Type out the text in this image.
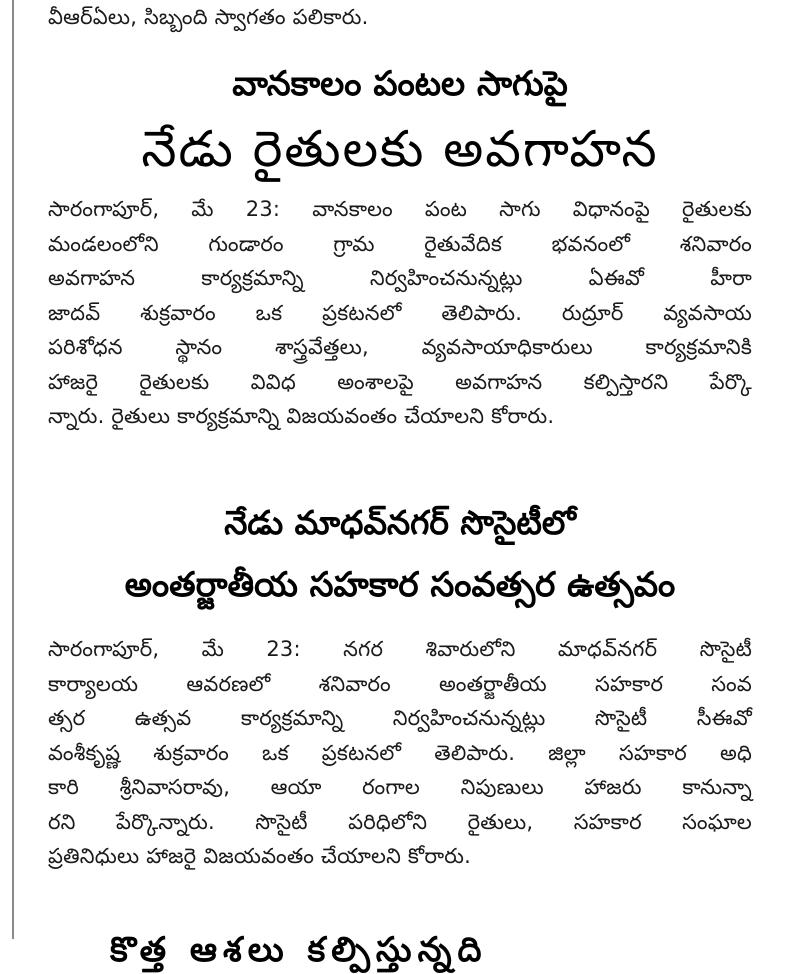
వీఆర్ఏలు, సిబ్బంది స్వాగతం పలికారు.
వానకాలం పంటల సాగుపై
నేడు రైతులకు అవగాహన
సారంగాపూర్, మే 23: వానకాలం పంట సాగు విధానంపై రైతులకు
మండలంలోని గుండారం గ్రామ రైతువేదిక భవనంలో శనివారం
అవగాహన కార్యక్రమాన్ని నిర్వహించనున్నట్లు ఏఈవో హీరా
జాదవ్ శుక్రవారం ఒక ప్రకటనలో తెలిపారు. రుద్రూర్ వ్యవసాయ
పరిశోధన స్థానం శాస్త్రవేత్తలు, వ్యవసాయాధికారులు కార్యక్రమానికి
హాజరై రైతులకు వివిధ అంశాలపై అవగాహన కల్పిస్తారని పేర్కొ
న్నారు. రైతులు కార్యక్రమాన్ని విజయవంతం చేయాలని కోరారు.
నేడు మాధవ్‌నగర్ సొసైటీలో
అంతర్జాతీయ సహకార సంవత్సర ఉత్సవం
సారంగాపూర్, మే 23: నగర శివారులోని మాధవ్‌నగర్ సొసైటీ
కార్యాలయ ఆవరణలో శనివారం అంతర్జాతీయ సహకార సంవ
త్సర ఉత్సవ కార్యక్రమాన్ని నిర్వహించనున్నట్లు సొసైటీ సీఈవో
వంశీకృష్ణ శుక్రవారం ఒక ప్రకటనలో తెలిపారు. జిల్లా సహకార అధి
కారి శ్రీనివాసరావు, ఆయా రంగాల నిపుణులు హాజరు కానున్నా
రని పేర్కొన్నారు. సొసైటీ పరిధిలోని రైతులు, సహకార సంఘాల
ప్రతినిధులు హాజరై విజయవంతం చేయాలని కోరారు.
కొత్త ఆశలు కల్పిస్తున్నది
